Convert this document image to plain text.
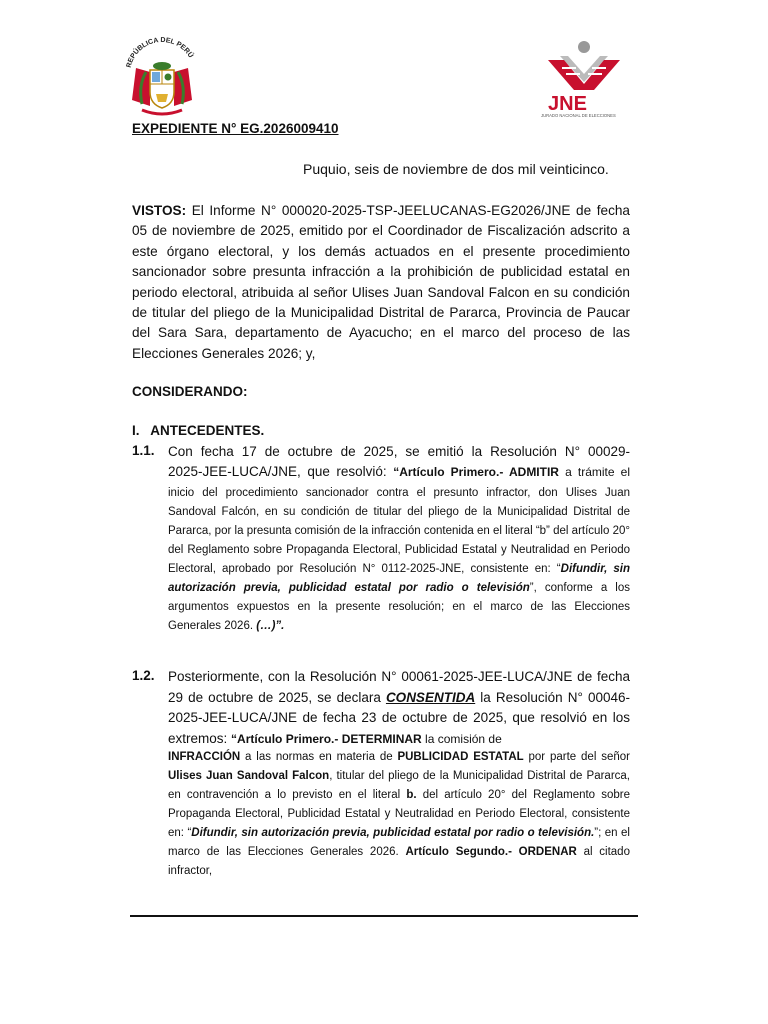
REPÚBLICA DEL PERÚ
JNE
JURADO NACIONAL DE ELECCIONES
EXPEDIENTE N° EG.2026009410
Puquio, seis de noviembre de dos mil veinticinco.
VISTOS: El Informe N° 000020-2025-TSP-JEELUCANAS-EG2026/JNE de fecha 05 de noviembre de 2025, emitido por el Coordinador de Fiscalización adscrito a este órgano electoral, y los demás actuados en el presente procedimiento sancionador sobre presunta infracción a la prohibición de publicidad estatal en periodo electoral, atribuida al señor Ulises Juan Sandoval Falcon en su condición de titular del pliego de la Municipalidad Distrital de Pararca, Provincia de Paucar del Sara Sara, departamento de Ayacucho; en el marco del proceso de las Elecciones Generales 2026; y,
CONSIDERANDO:
I.   ANTECEDENTES.
1.1. Con fecha 17 de octubre de 2025, se emitió la Resolución N° 00029-
2025-JEE-LUCA/JNE, que resolvió: “Artículo Primero.- ADMITIR a trámite el
inicio del procedimiento sancionador contra el presunto infractor, don Ulises Juan Sandoval Falcón, en su condición de titular del pliego de la Municipalidad Distrital de Pararca, por la presunta comisión de la infracción contenida en el literal “b” del artículo 20° del Reglamento sobre Propaganda Electoral, Publicidad Estatal y Neutralidad en Periodo Electoral, aprobado por Resolución N° 0112-2025-JNE, consistente en: “Difundir, sin autorización previa, publicidad estatal por radio o televisión”, conforme a los argumentos expuestos en la presente resolución; en el marco de las Elecciones Generales 2026. (…)”.
1.2. Posteriormente, con la Resolución N° 00061-2025-JEE-LUCA/JNE de fecha 29 de octubre de 2025, se declara CONSENTIDA la Resolución N° 00046-2025-JEE-LUCA/JNE de fecha 23 de octubre de 2025, que resolvió en los extremos: “Artículo Primero.- DETERMINAR la comisión de
INFRACCIÓN a las normas en materia de PUBLICIDAD ESTATAL por parte del señor Ulises Juan Sandoval Falcon, titular del pliego de la Municipalidad Distrital de Pararca, en contravención a lo previsto en el literal b. del artículo 20° del Reglamento sobre Propaganda Electoral, Publicidad Estatal y Neutralidad en Periodo Electoral, consistente en: “Difundir, sin autorización previa, publicidad estatal por radio o televisión.”; en el marco de las Elecciones Generales 2026. Artículo Segundo.- ORDENAR al citado infractor,
